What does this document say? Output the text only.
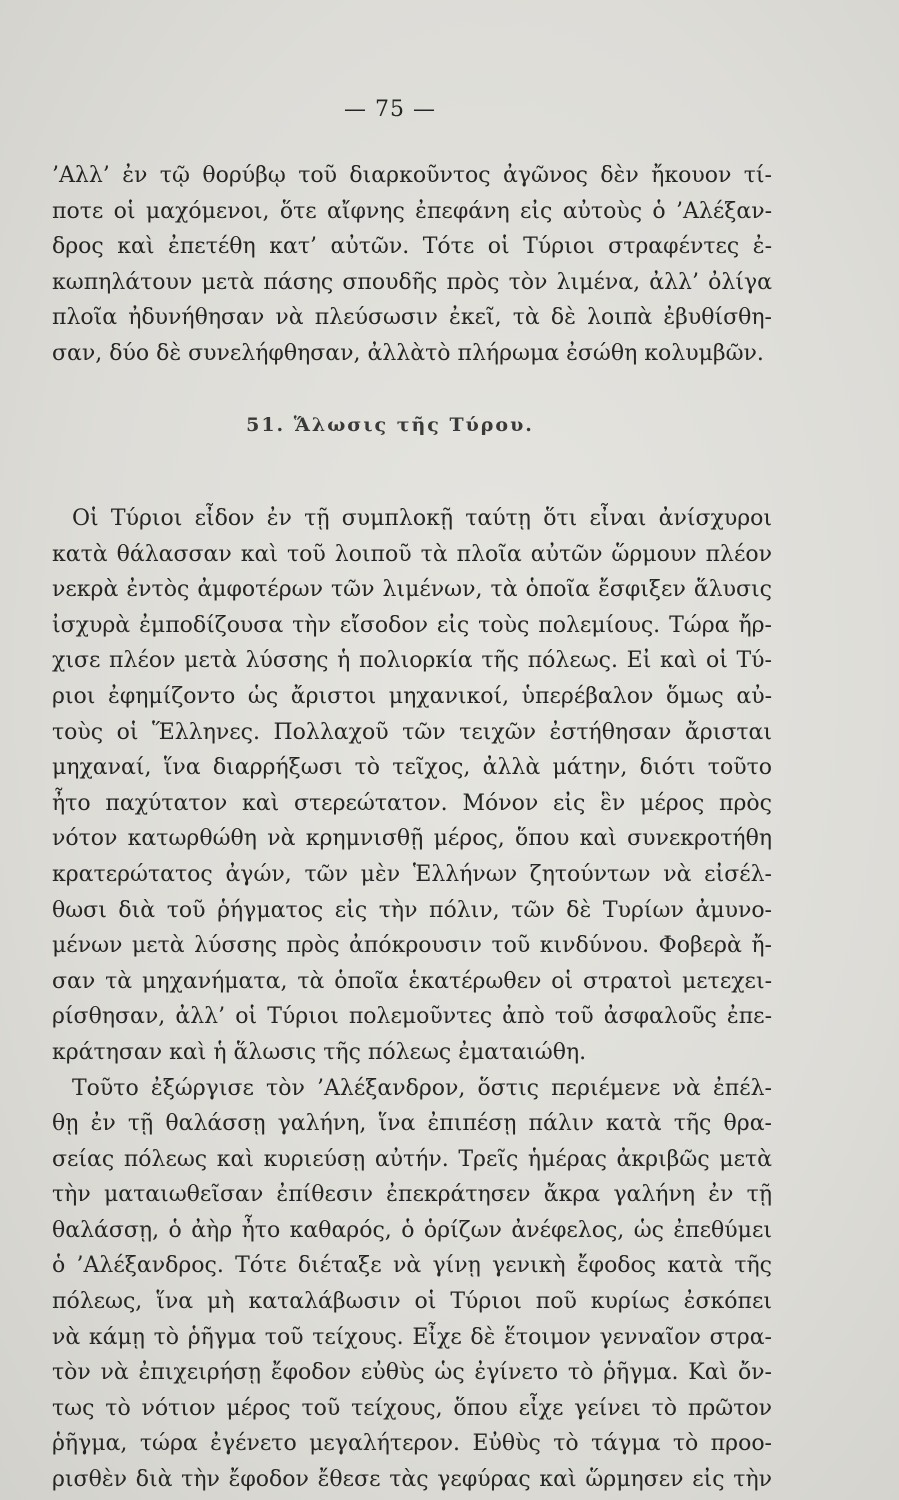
— 75 —
’Αλλ’ ἐν τῷ θορύβῳ τοῦ διαρκοῦντος ἀγῶνος δὲν ἤκουον τί-
ποτε οἱ μαχόμενοι, ὅτε αἴφνης ἐπεφάνη εἰς αὐτοὺς ὁ ’Αλέξαν-
δρος καὶ ἐπετέθη κατ’ αὐτῶν. Τότε οἱ Τύριοι στραφέντες ἐ-
κωπηλάτουν μετὰ πάσης σπουδῆς πρὸς τὸν λιμένα, ἀλλ’ ὀλίγα
πλοῖα ἠδυνήθησαν νὰ πλεύσωσιν ἐκεῖ, τὰ δὲ λοιπὰ ἐβυθίσθη-
σαν, δύο δὲ συνελήφθησαν, ἀλλὰτὸ πλήρωμα ἐσώθη κολυμβῶν.
51. Ἅλωσις τῆς Τύρου.
Οἱ Τύριοι εἶδον ἐν τῇ συμπλοκῇ ταύτῃ ὅτι εἶναι ἀνίσχυροι
κατὰ θάλασσαν καὶ τοῦ λοιποῦ τὰ πλοῖα αὐτῶν ὥρμουν πλέον
νεκρὰ ἐντὸς ἀμφοτέρων τῶν λιμένων, τὰ ὁποῖα ἔσφιξεν ἅλυσις
ἰσχυρὰ ἐμποδίζουσα τὴν εἴσοδον εἰς τοὺς πολεμίους. Τώρα ἤρ-
χισε πλέον μετὰ λύσσης ἡ πολιορκία τῆς πόλεως. Εἰ καὶ οἱ Τύ-
ριοι ἐφημίζοντο ὡς ἄριστοι μηχανικοί, ὑπερέβαλον ὅμως αὐ-
τοὺς οἱ Ἕλληνες. Πολλαχοῦ τῶν τειχῶν ἐστήθησαν ἄρισται
μηχαναί, ἵνα διαρρήξωσι τὸ τεῖχος, ἀλλὰ μάτην, διότι τοῦτο
ἦτο παχύτατον καὶ στερεώτατον. Μόνον εἰς ἓν μέρος πρὸς
νότον κατωρθώθη νὰ κρημνισθῇ μέρος, ὅπου καὶ συνεκροτήθη
κρατερώτατος ἀγών, τῶν μὲν Ἑλλήνων ζητούντων νὰ εἰσέλ-
θωσι διὰ τοῦ ῥήγματος εἰς τὴν πόλιν, τῶν δὲ Τυρίων ἀμυνο-
μένων μετὰ λύσσης πρὸς ἀπόκρουσιν τοῦ κινδύνου. Φοβερὰ ἤ-
σαν τὰ μηχανήματα, τὰ ὁποῖα ἑκατέρωθεν οἱ στρατοὶ μετεχει-
ρίσθησαν, ἀλλ’ οἱ Τύριοι πολεμοῦντες ἀπὸ τοῦ ἀσφαλοῦς ἐπε-
κράτησαν καὶ ἡ ἅλωσις τῆς πόλεως ἐματαιώθη.
Τοῦτο ἐξώργισε τὸν ’Αλέξανδρον, ὅστις περιέμενε νὰ ἐπέλ-
θῃ ἐν τῇ θαλάσσῃ γαλήνη, ἵνα ἐπιπέσῃ πάλιν κατὰ τῆς θρα-
σείας πόλεως καὶ κυριεύσῃ αὐτήν. Τρεῖς ἡμέρας ἀκριβῶς μετὰ
τὴν ματαιωθεῖσαν ἐπίθεσιν ἐπεκράτησεν ἄκρα γαλήνη ἐν τῇ
θαλάσσῃ, ὁ ἀὴρ ἦτο καθαρός, ὁ ὁρίζων ἀνέφελος, ὡς ἐπεθύμει
ὁ ’Αλέξανδρος. Τότε διέταξε νὰ γίνῃ γενικὴ ἔφοδος κατὰ τῆς
πόλεως, ἵνα μὴ καταλάβωσιν οἱ Τύριοι ποῦ κυρίως ἐσκόπει
νὰ κάμῃ τὸ ῥῆγμα τοῦ τείχους. Εἶχε δὲ ἕτοιμον γενναῖον στρα-
τὸν νὰ ἐπιχειρήσῃ ἔφοδον εὐθὺς ὡς ἐγίνετο τὸ ῥῆγμα. Καὶ ὄν-
τως τὸ νότιον μέρος τοῦ τείχους, ὅπου εἶχε γείνει τὸ πρῶτον
ῥῆγμα, τώρα ἐγένετο μεγαλήτερον. Εὐθὺς τὸ τάγμα τὸ προο-
ρισθὲν διὰ τὴν ἔφοδον ἔθεσε τὰς γεφύρας καὶ ὥρμησεν εἰς τὴν
